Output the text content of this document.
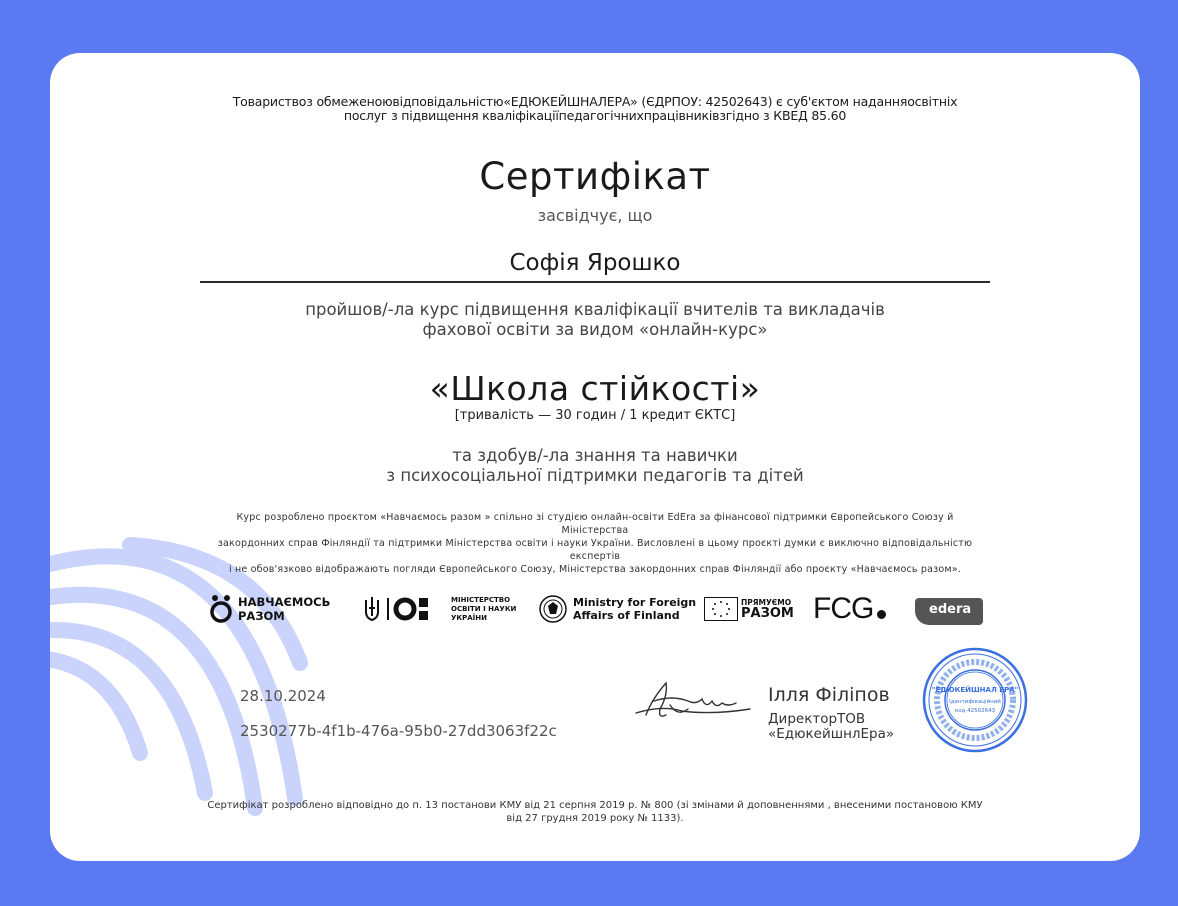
Товариствоз обмеженоювідповідальністю«ЕДЮКЕЙШНАЛЕРА» (ЄДРПОУ: 42502643) є суб'єктом наданняосвітніх
послуг з підвищення кваліфікаціїпедагогічнихпрацівниківзгідно з КВЕД 85.60
Сертифікат
засвідчує, що
Софія Ярошко
пройшов/-ла курс підвищення кваліфікації вчителів та викладачів
фахової освіти за видом «онлайн-курс»
«Школа стійкості»
[тривалість — 30 годин / 1 кредит ЄКТС]
та здобув/-ла знання та навички
з психосоціальної підтримки педагогів та дітей
Курс розроблено проєктом «Навчаємось разом » спільно зі студією онлайн-освіти EdEra за фінансової підтримки Європейського Союзу й
Міністерства
закордонних справ Фінляндії та підтримки Міністерства освіти і науки України. Висловлені в цьому проєкті думки є виключно відповідальністю
експертів
і не обов'язково відображають погляди Європейського Союзу, Міністерства закордонних справ Фінляндії або проєкту «Навчаємось разом».
НАВЧАЄМОСЬ
РАЗОМ
МІНІСТЕРСТВО
ОСВІТИ І НАУКИ
УКРАЇНИ
Ministry for Foreign
Affairs of Finland
ПРЯМУЄМО
РАЗОМ FCG	edera
28.10.2024
2530277b-4f1b-476a-95b0-27dd3063f22c
Ілля Філіпов
ДиректорТОВ
«ЕдюкейшнлЕра»
"ЕДЮКЕЙШНАЛ ЕРА"
Ідентифікаційний
код 42502643
Сертифікат розроблено відповідно до п. 13 постанови КМУ від 21 серпня 2019 р. № 800 (зі змінами й доповненнями , внесеними постановою КМУ
від 27 грудня 2019 року № 1133).
